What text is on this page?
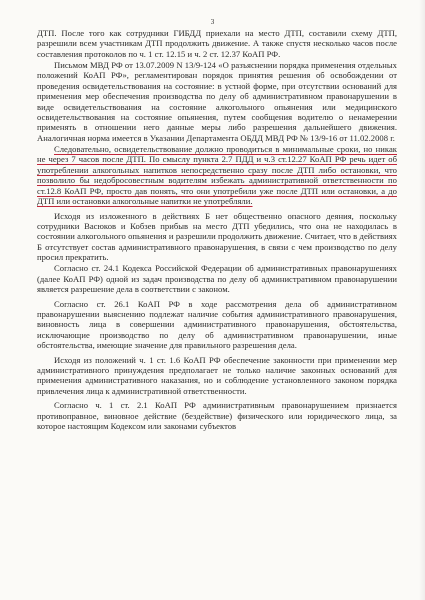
3

ДТП. После того как сотрудники ГИБДД приехали на место ДТП, составили схему ДТП, разрешили всем участникам ДТП продолжить движение. А также спустя несколько часов после составления протоколов по ч. 1 ст. 12.15 и ч. 2 ст. 12.37 КоАП РФ.

Письмом МВД РФ от 13.07.2009 N 13/9-124 «О разъяснении порядка применения отдельных положений КоАП РФ», регламентирован порядок принятия решения об освобождении от проведения освидетельствования на состояние: в устной форме, при отсутствии оснований для применения мер обеспечения производства по делу об административном правонарушении в виде освидетельствования на состояние алкогольного опьянения или медицинского освидетельствования на состояние опьянения, путем сообщения водителю о ненамерении применять в отношении него данные меры либо разрешения дальнейшего движения. Аналогичная норма имеется в Указании Департамента ОБДД МВД РФ № 13/9-16 от 11.02.2008 г.

Следовательно, освидетельствование должно проводиться в минимальные сроки, но никак не через 7 часов после ДТП. По смыслу пункта 2.7 ПДД и ч.3 ст.12.27 КоАП РФ речь идет об употреблении алкогольных напитков непосредственно сразу после ДТП либо остановки, что позволило бы недобросовестным водителям избежать административной ответственности по ст.12.8 КоАП РФ, просто дав понять, что они употребили уже после ДТП или остановки, а до ДТП или остановки алкогольные напитки не употребляли.

Исходя из изложенного в действиях Б нет общественно опасного деяния, поскольку сотрудники Васюков и Кобзев прибыв на место ДТП убедились, что она не находилась в состоянии алкогольного опьянения и разрешили продолжить движение. Считает, что в действиях Б отсутствует состав административного правонарушения, в связи с чем производство по делу просил прекратить.

Согласно ст. 24.1 Кодекса Российской Федерации об административных правонарушениях (далее КоАП РФ) одной из задач производства по делу об административном правонарушении является разрешение дела в соответствии с законом.

Согласно ст. 26.1 КоАП РФ в ходе рассмотрения дела об административном правонарушении выяснению подлежат наличие события административного правонарушения, виновность лица в совершении административного правонарушения, обстоятельства, исключающие производство по делу об административном правонарушении, иные обстоятельства, имеющие значение для правильного разрешения дела.

Исходя из положений ч. 1 ст. 1.6 КоАП РФ обеспечение законности при применении мер административного принуждения предполагает не только наличие законных оснований для применения административного наказания, но и соблюдение установленного законом порядка привлечения лица к административной ответственности.

Согласно ч. 1 ст. 2.1 КоАП РФ административным правонарушением признается противоправное, виновное действие (бездействие) физического или юридического лица, за которое настоящим Кодексом или законами субъектов
